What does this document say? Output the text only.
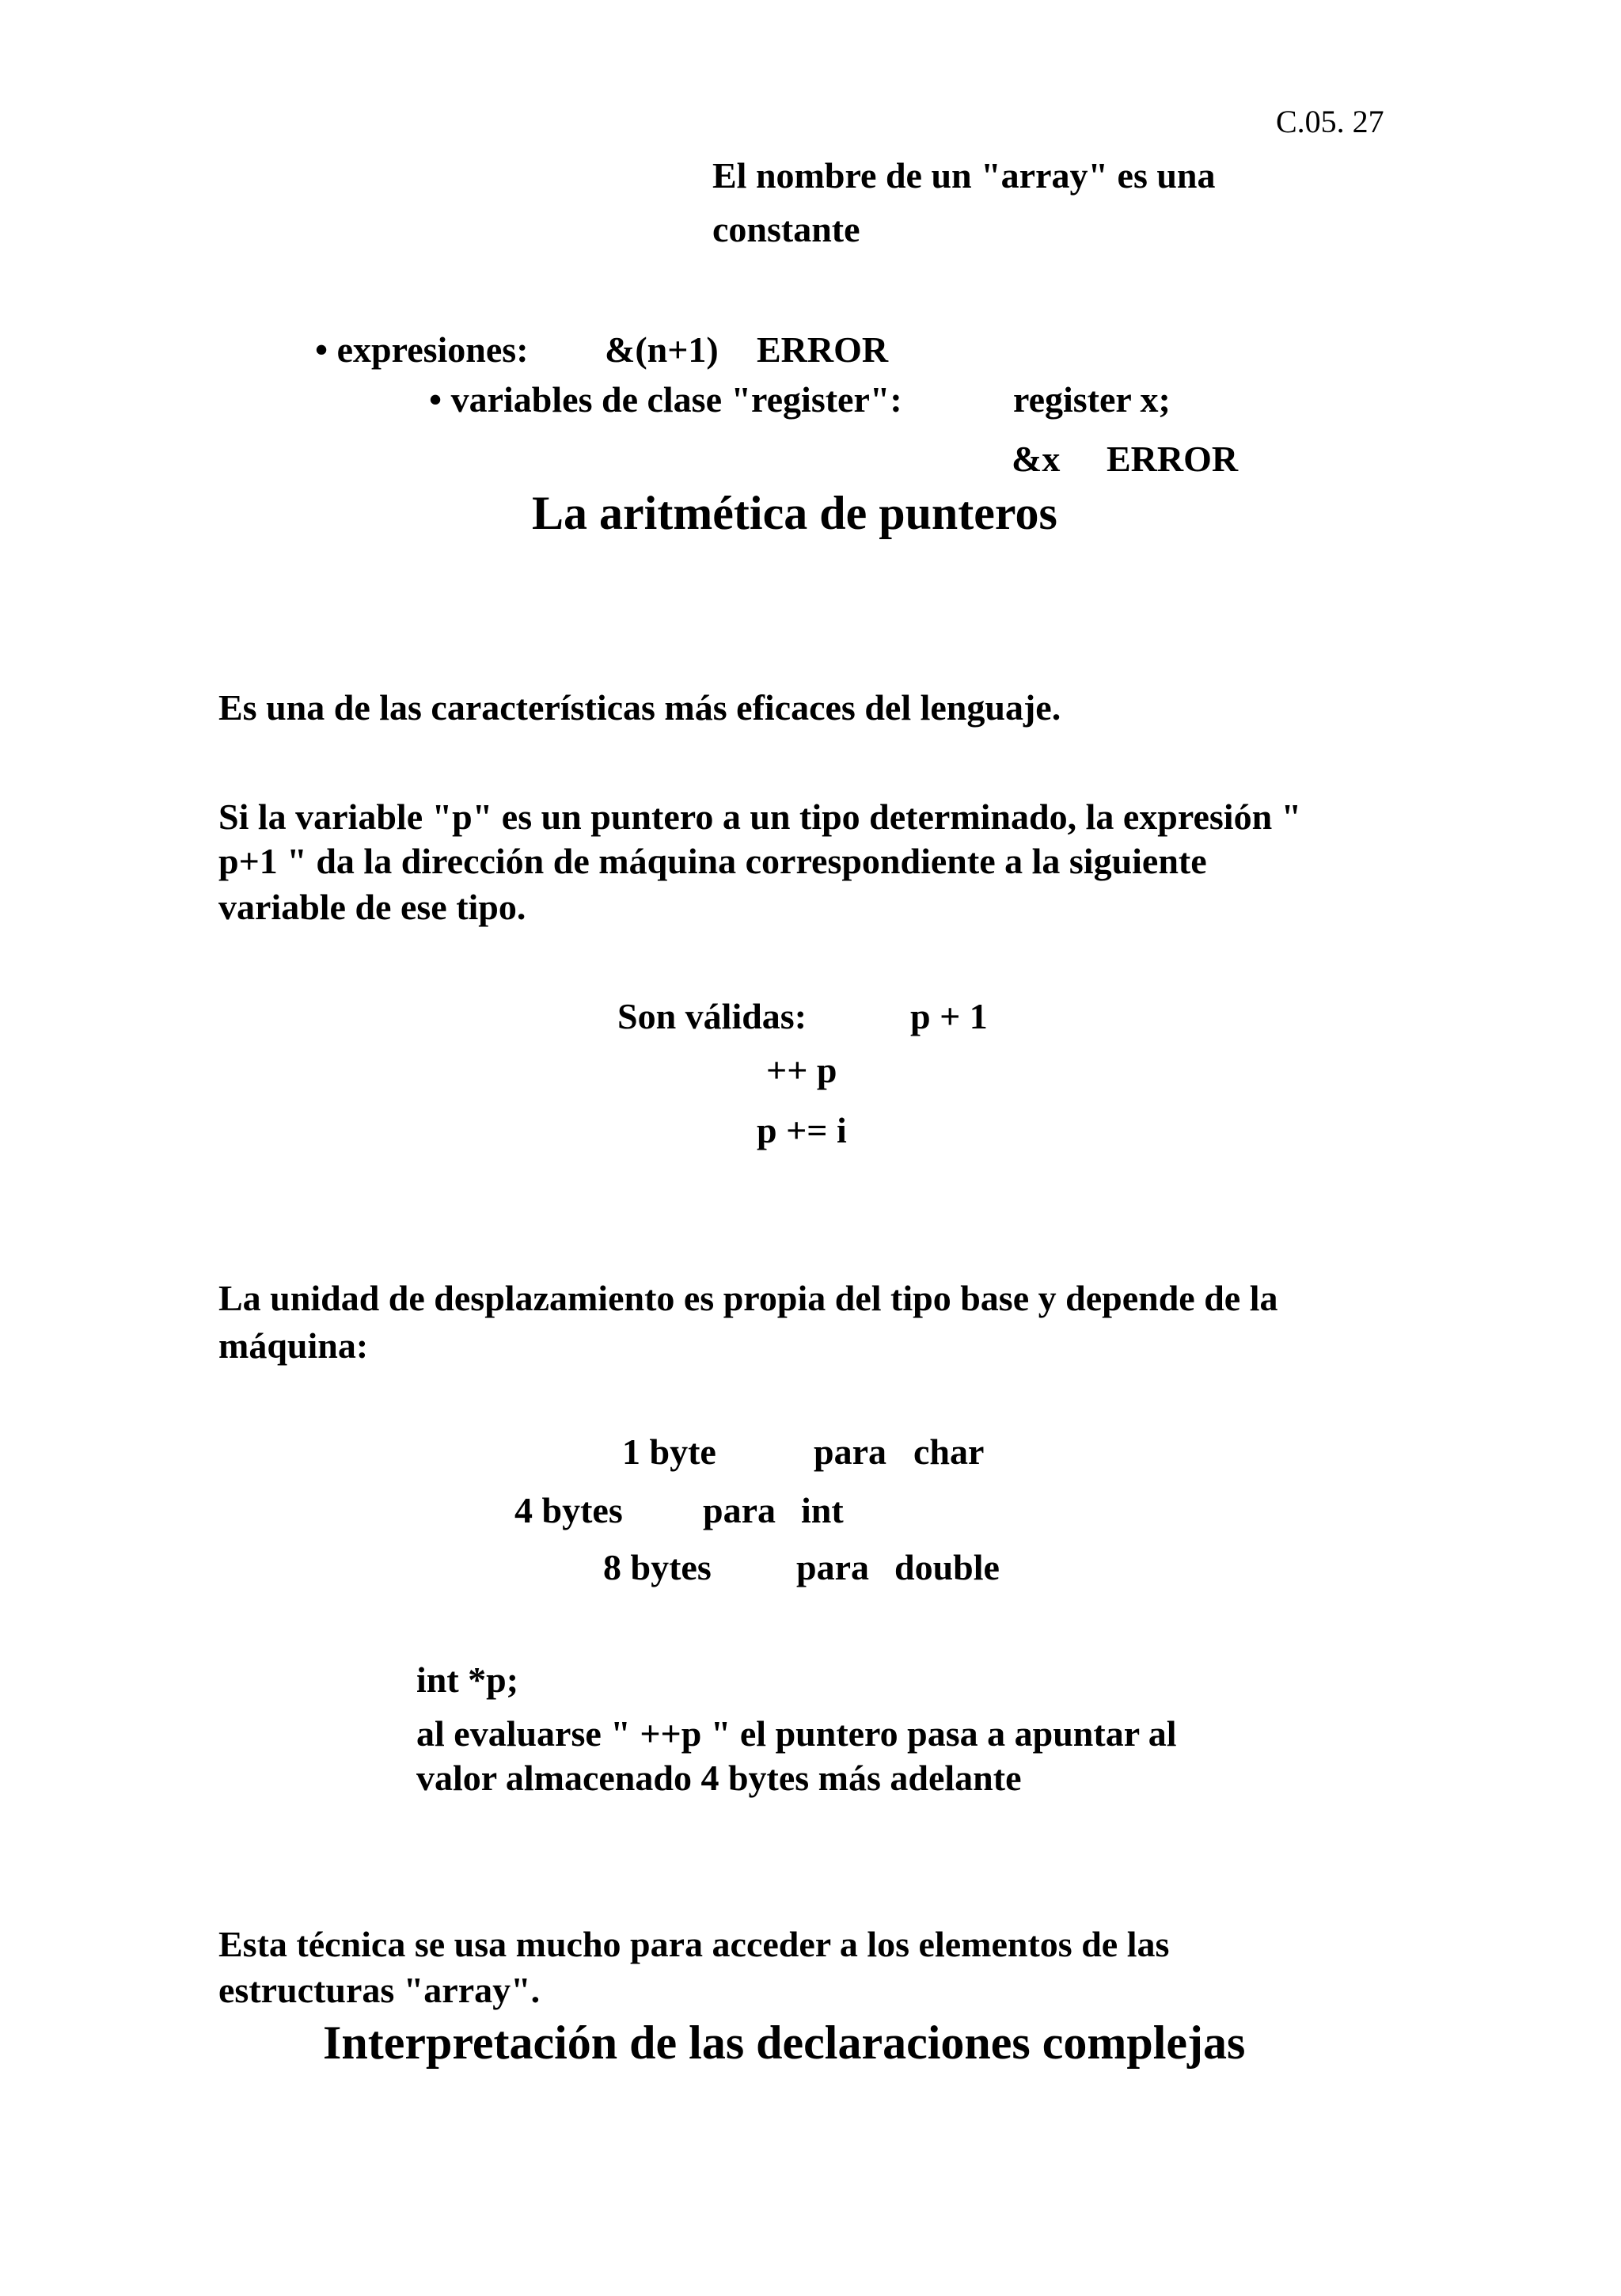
C.05. 27
El nombre de un "array" es una
constante
• expresiones: &(n+1) ERROR
• variables de clase "register":	register x;
&x ERROR
La aritmética de punteros
Es una de las características más eficaces del lenguaje.
Si la variable "p" es un puntero a un tipo determinado, la expresión "
p+1 " da la dirección de máquina correspondiente a la siguiente
variable de ese tipo.
Son válidas:	p + 1
++ p
p += i
La unidad de desplazamiento es propia del tipo base y depende de la
máquina:
1 byte	para char
4 bytes para int
8 bytes para double
int *p;
al evaluarse " ++p " el puntero pasa a apuntar al
valor almacenado 4 bytes más adelante
Esta técnica se usa mucho para acceder a los elementos de las
estructuras "array".
Interpretación de las declaraciones complejas
